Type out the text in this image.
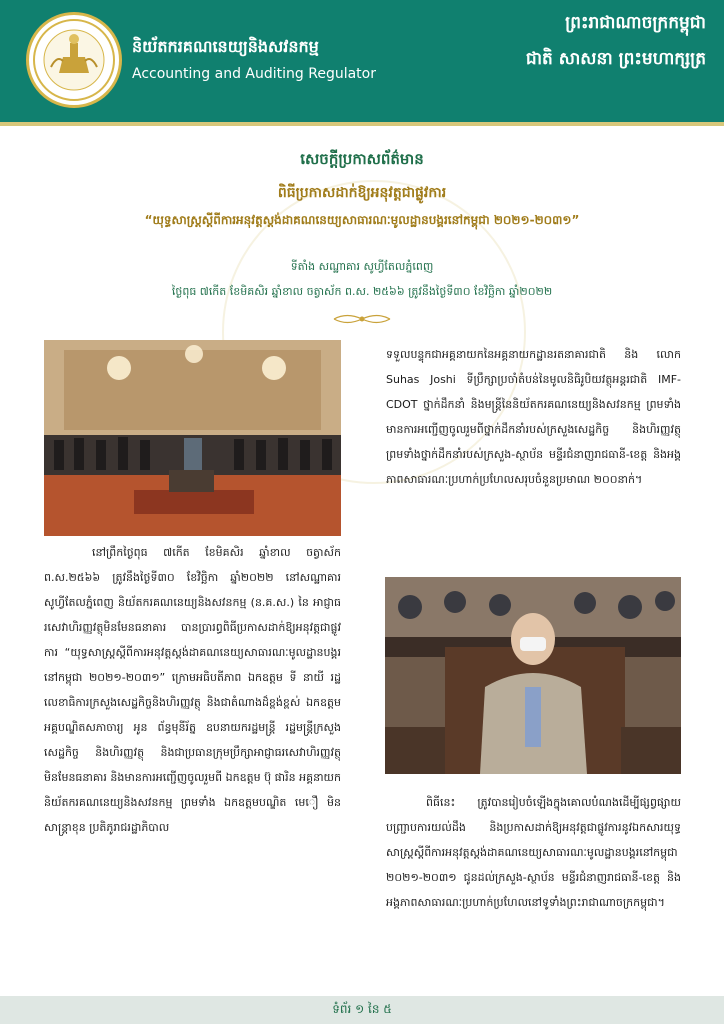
និយ័តករគណនេយ្យនិងសវនកម្ម
Accounting and Auditing Regulator
ព្រះរាជាណាចក្រកម្ពុជា
ជាតិ សាសនា ព្រះមហាក្សត្រ
សេចក្តីប្រកាសព័ត៌មាន
ពិធីប្រកាសដាក់ឱ្យអនុវត្តជាផ្លូវការ
“យុទ្ធសាស្រ្តស្តីពីការអនុវត្តស្តង់ដាគណនេយ្យសាធារណៈមូលដ្ឋានបង្គរនៅកម្ពុជា ២០២១-២០៣១”
ទីតាំង សណ្ឋាគារ សូហ្វីតែលភ្នំពេញ
ថ្ងៃពុធ ៧កើត ខែមិគសិរ ឆ្នាំខាល ចត្វាស័ក ព.ស. ២៥៦៦ ត្រូវនឹងថ្ងៃទី៣០ ខែវិច្ឆិកា ឆ្នាំ២០២២
ទទួលបន្ទុកជាអគ្គនាយកនៃអគ្គនាយកដ្ឋានរតនាគារជាតិ និង លោក Suhas Joshi ទីប្រឹក្សាប្រចាំតំបន់នៃមូលនិធិរូបិយវត្ថុអន្តរជាតិ IMF-CDOT ថ្នាក់ដឹកនាំ និងមន្រ្តីនៃនិយ័តករគណនេយ្យនិងសវនកម្ម ព្រមទាំងមានការអញ្ជើញចូលរួមពីថ្នាក់ដឹកនាំរបស់ក្រសួងសេដ្ឋកិច្ច និងហិរញ្ញវត្ថុ ព្រមទាំងថ្នាក់ដឹកនាំរបស់ក្រសួង-ស្ថាប័ន មន្ទីរជំនាញរាជធានី-ខេត្ត និងអង្គភាពសាធារណៈប្រហាក់ប្រហែលសរុបចំនួនប្រមាណ ២០០នាក់។
នៅព្រឹកថ្ងៃពុធ ៧កើត ខែមិគសិរ ឆ្នាំខាល ចត្វាស័ក ព.ស.២៥៦៦ ត្រូវនឹងថ្ងៃទី៣០ ខែវិច្ឆិកា ឆ្នាំ២០២២ នៅសណ្ឋាគារ សូហ្វីតែលភ្នំពេញ និយ័តករគណនេយ្យនិងសវនកម្ម (ន.គ.ស.) នៃ អាជ្ញាធរសេវាហិរញ្ញវត្ថុមិនមែនធនាគារ បានប្រារព្ធពិធីប្រកាសដាក់ឱ្យអនុវត្តជាផ្លូវការ “យុទ្ធសាស្រ្តស្តីពីការអនុវត្តស្តង់ដាគណនេយ្យសាធារណៈមូលដ្ឋានបង្គរនៅកម្ពុជា ២០២១-២០៣១” ក្រោមអធិបតីភាព ឯកឧត្តម ទី នាយី រដ្ឋលេខាធិការក្រសួងសេដ្ឋកិច្ចនិងហិរញ្ញវត្ថុ និងជាតំណាងដ៏ខ្ពង់ខ្ពស់ ឯកឧត្តមអគ្គបណ្ឌិតសភាចារ្យ អូន ព័ន្ធមុនីរ័ត្ន ឧបនាយករដ្ឋមន្រ្តី រដ្ឋមន្រ្តីក្រសួងសេដ្ឋកិច្ច និងហិរញ្ញវត្ថុ និងជាប្រធានក្រុមប្រឹក្សាអាជ្ញាធរសេវាហិរញ្ញវត្ថុមិនមែនធនាគារ និងមានការអញ្ជើញចូលរួមពី ឯកឧត្តម ប៊ុ ផារិន អគ្គនាយកនិយ័តករគណនេយ្យនិងសវនកម្ម ព្រមទាំង ឯកឧត្តមបណ្ឌិត មេឿ មិនសាន្ត្រាខុន ប្រតិភូរាជរដ្ឋាភិបាល
ពិធីនេះ ត្រូវបានរៀបចំឡើងក្នុងគោលបំណងដើម្បីផ្សព្វផ្សាយ បញ្ជ្រាបការយល់ដឹង និងប្រកាសដាក់ឱ្យអនុវត្តជាផ្លូវការនូវឯកសារយុទ្ធសាស្រ្តស្តីពីការអនុវត្តស្តង់ដាគណនេយ្យសាធារណៈមូលដ្ឋានបង្គរនៅកម្ពុជា ២០២១-២០៣១ ជូនដល់ក្រសួង-ស្ថាប័ន មន្ទីរជំនាញរាជធានី-ខេត្ត និងអង្គភាពសាធារណៈប្រហាក់ប្រហែលនៅទូទាំងព្រះរាជាណាចក្រកម្ពុជា។
ទំព័រ ១ នៃ ៥
